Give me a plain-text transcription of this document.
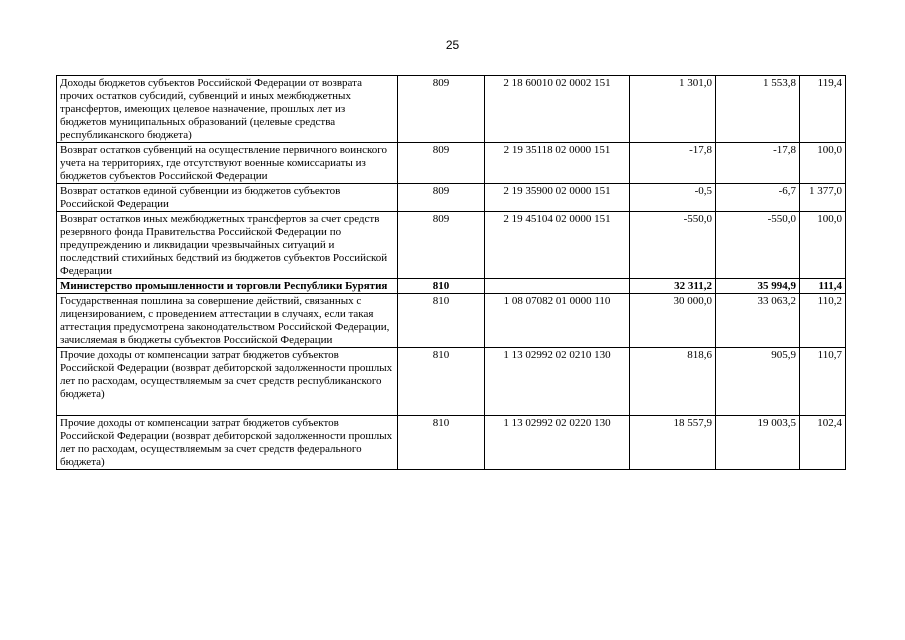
25
Доходы бюджетов субъектов Российской Федерации от возврата прочих остатков субсидий, субвенций и иных межбюджетных трансфертов, имеющих целевое назначение, прошлых лет из бюджетов муниципальных образований (целевые средства республиканского бюджета)	809	2 18 60010 02 0002 151	1 301,0	1 553,8	119,4
Возврат остатков субвенций на осуществление первичного воинского учета на территориях, где отсутствуют военные комиссариаты из бюджетов субъектов Российской Федерации	809	2 19 35118 02 0000 151	-17,8	-17,8	100,0
Возврат остатков единой субвенции из бюджетов субъектов Российской Федерации	809	2 19 35900 02 0000 151	-0,5	-6,7	1 377,0
Возврат остатков иных межбюджетных трансфертов за счет средств резервного фонда Правительства Российской Федерации по предупреждению и ликвидации чрезвычайных ситуаций и последствий стихийных бедствий из бюджетов субъектов Российской Федерации	809	2 19 45104 02 0000 151	-550,0	-550,0	100,0
Министерство промышленности и торговли Республики Бурятия	810		32 311,2	35 994,9	111,4
Государственная пошлина за совершение действий, связанных с лицензированием, с проведением аттестации в случаях, если такая аттестация предусмотрена законодательством Российской Федерации, зачисляемая в бюджеты субъектов Российской Федерации	810	1 08 07082 01 0000 110	30 000,0	33 063,2	110,2
Прочие доходы от компенсации затрат бюджетов субъектов Российской Федерации (возврат дебиторской задолженности прошлых лет по расходам, осуществляемым за счет средств республиканского бюджета)	810	1 13 02992 02 0210 130	818,6	905,9	110,7
Прочие доходы от компенсации затрат бюджетов субъектов Российской Федерации (возврат дебиторской задолженности прошлых лет по расходам, осуществляемым за счет средств федерального бюджета)	810	1 13 02992 02 0220 130	18 557,9	19 003,5	102,4
